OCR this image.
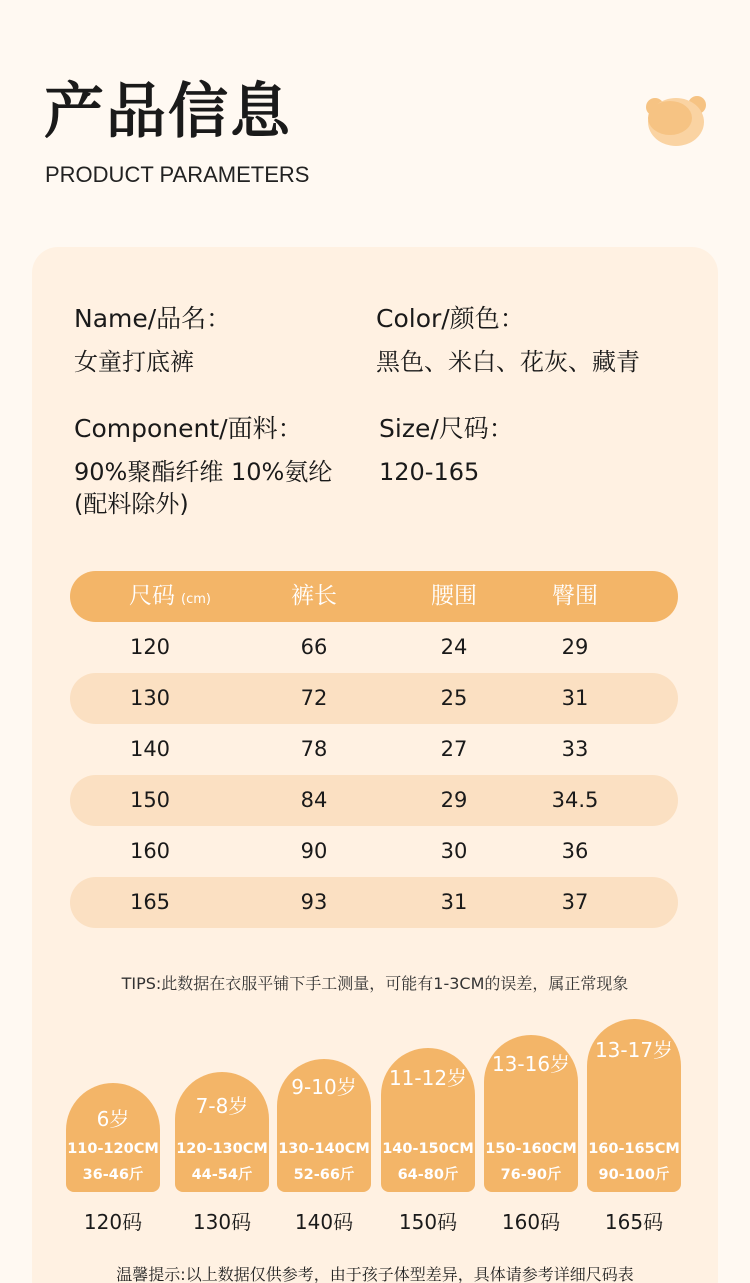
产品信息
PRODUCT PARAMETERS
Name/品名：
女童打底裤
Color/颜色：
黑色、米白、花灰、藏青
Component/面料：
90%聚酯纤维 10%氨纶
(配料除外)
Size/尺码：
120-165
尺码 (cm)	裤长	腰围	臀围
120	66	24	29
130	72	25	31
140	78	27	33
150	84	29	34.5
160	90	30	36
165	93	31	37
TIPS:此数据在衣服平铺下手工测量，可能有1-3CM的误差，属正常现象
6岁
110-120CM
36-46斤
120码
7-8岁
120-130CM
44-54斤
130码
9-10岁
130-140CM
52-66斤
140码
11-12岁
140-150CM
64-80斤
150码
13-16岁
150-160CM
76-90斤
160码
13-17岁
160-165CM
90-100斤
165码
温馨提示:以上数据仅供参考，由于孩子体型差异，具体请参考详细尺码表
